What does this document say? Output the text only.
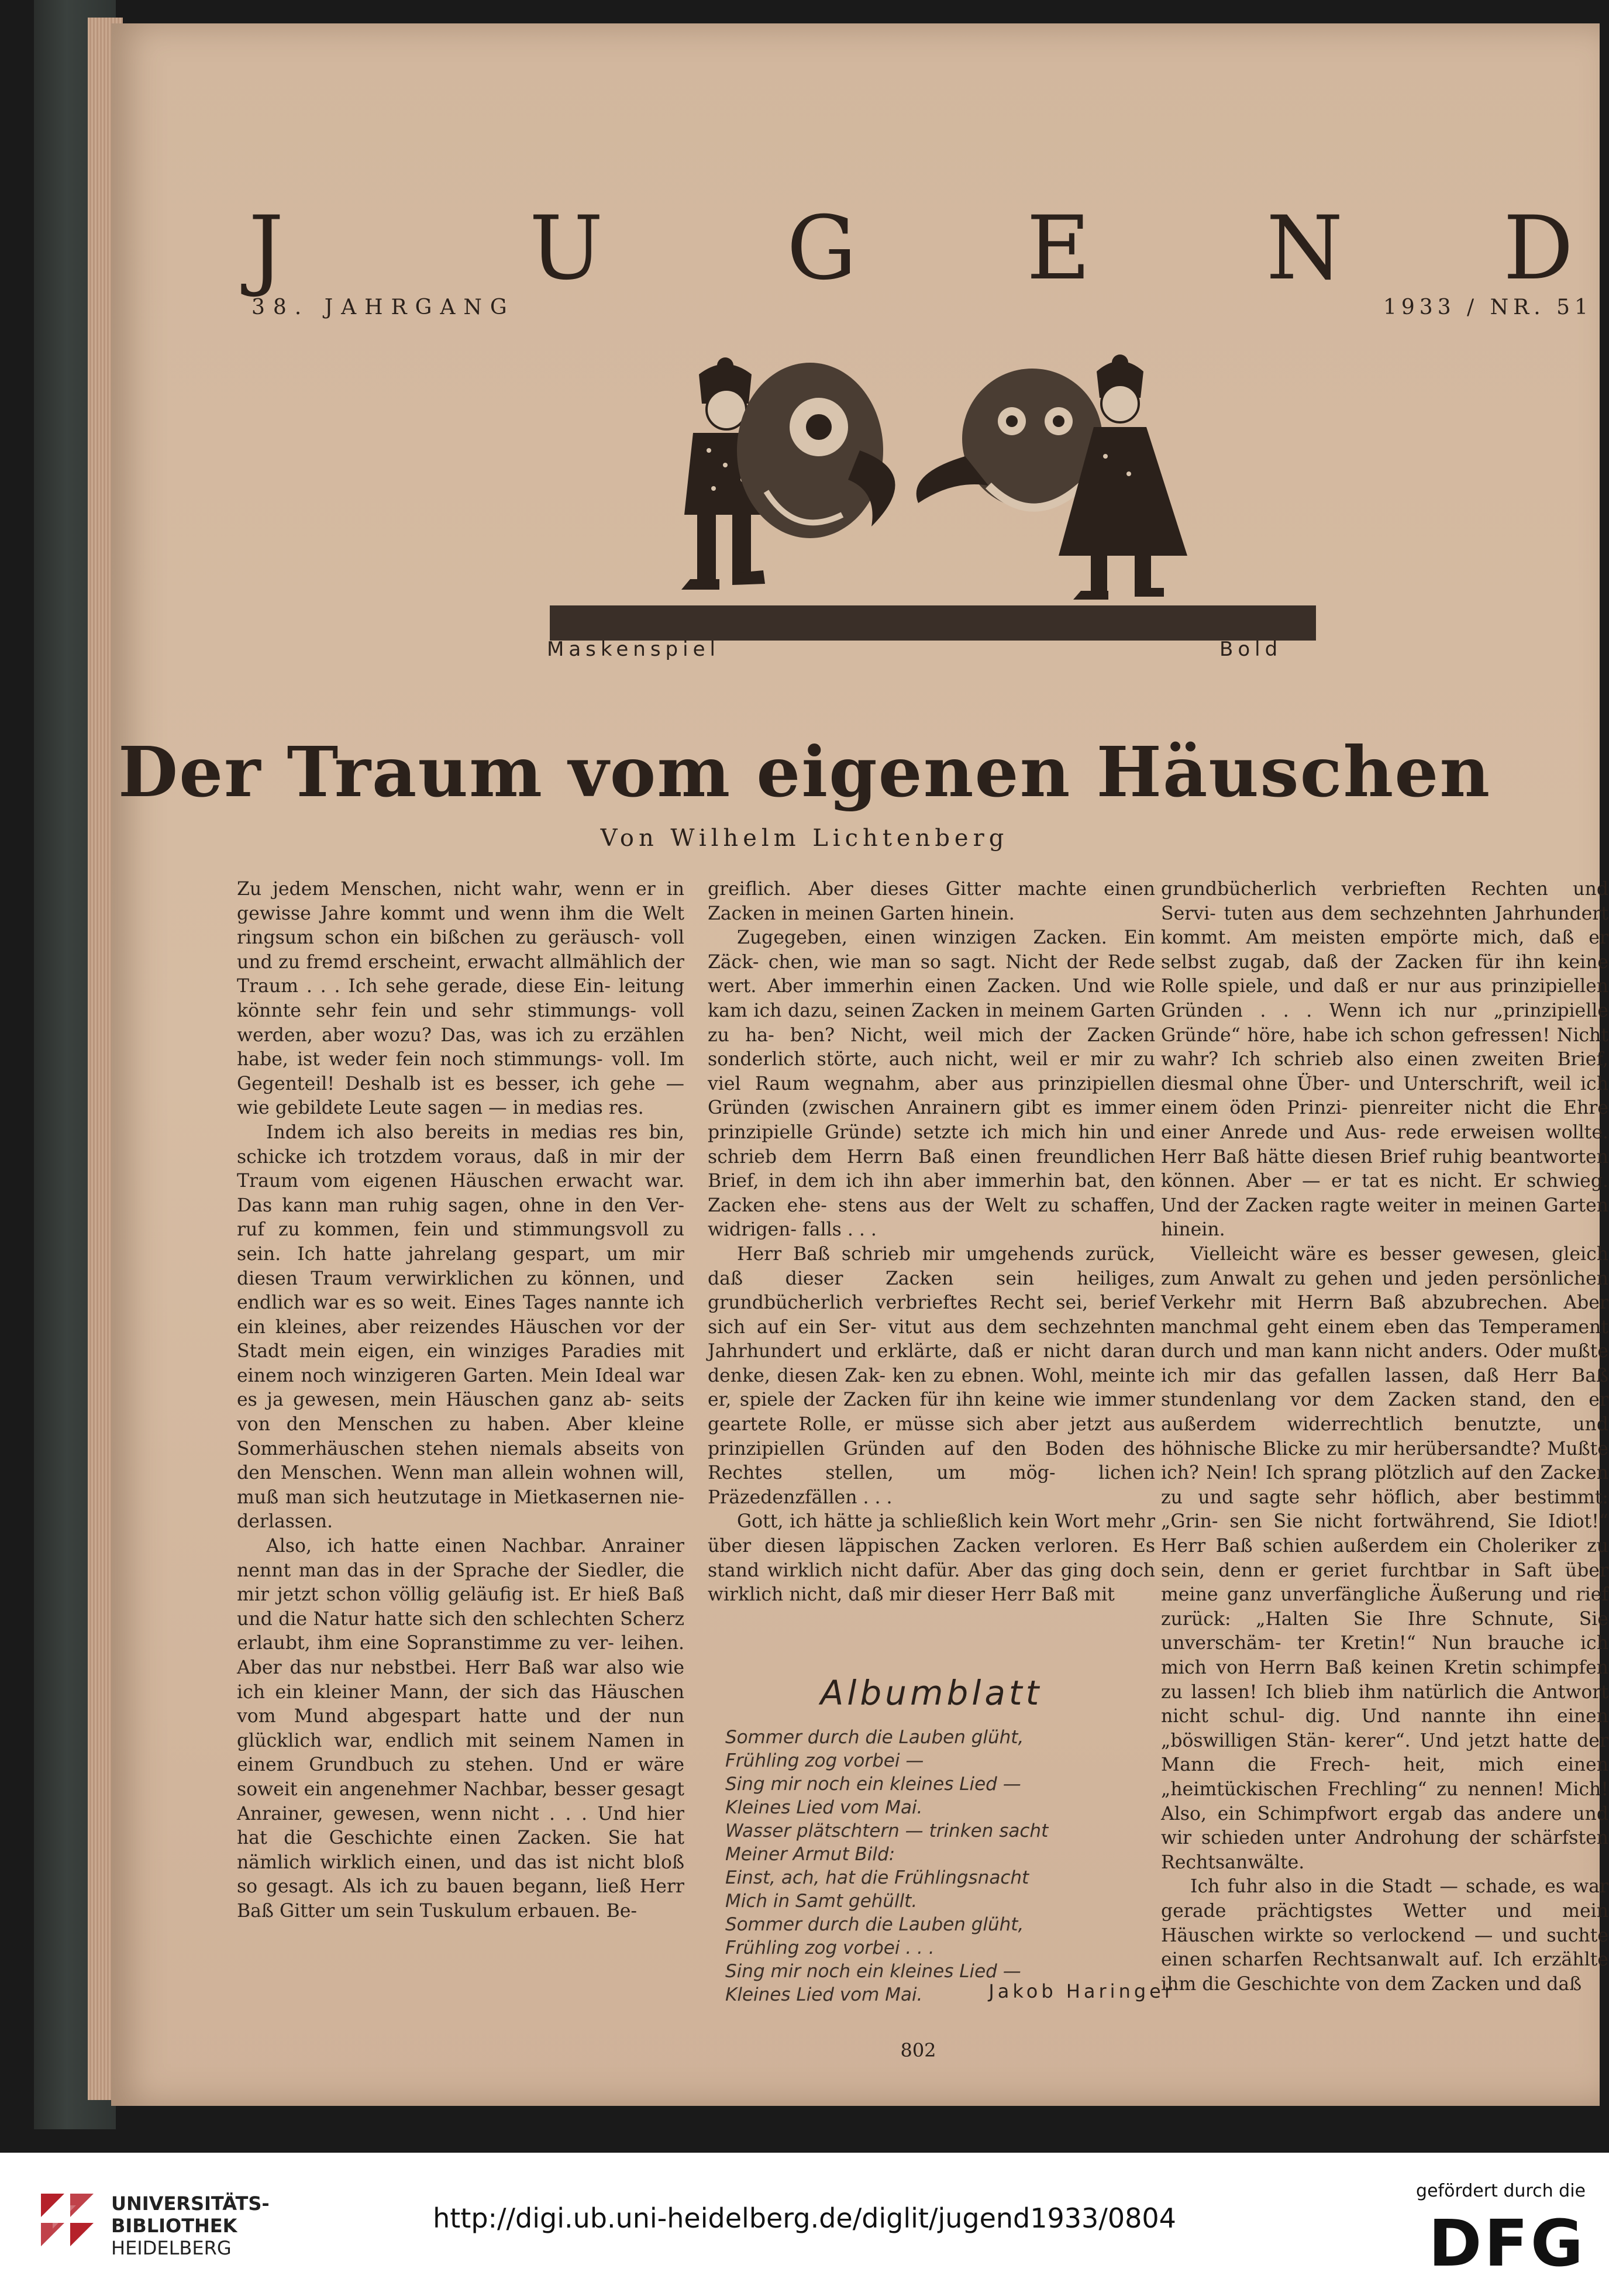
J	U G E N D
38. JAHRGANG	1933 / NR. 51
Maskenspiel	Bold
Der Traum vom eigenen Häuschen
Von Wilhelm Lichtenberg

Zu jedem Menschen, nicht wahr, wenn er in gewisse Jahre kommt und wenn ihm die Welt ringsum schon ein bißchen zu geräusch- voll und zu fremd erscheint, erwacht allmählich der Traum . . . Ich sehe gerade, diese Ein- leitung könnte sehr fein und sehr stimmungs- voll werden, aber wozu? Das, was ich zu erzählen habe, ist weder fein noch stimmungs- voll. Im Gegenteil! Deshalb ist es besser, ich gehe — wie gebildete Leute sagen — in medias res.

Indem ich also bereits in medias res bin, schicke ich trotzdem voraus, daß in mir der Traum vom eigenen Häuschen erwacht war. Das kann man ruhig sagen, ohne in den Ver- ruf zu kommen, fein und stimmungsvoll zu sein. Ich hatte jahrelang gespart, um mir diesen Traum verwirklichen zu können, und endlich war es so weit. Eines Tages nannte ich ein kleines, aber reizendes Häuschen vor der Stadt mein eigen, ein winziges Paradies mit einem noch winzigeren Garten. Mein Ideal war es ja gewesen, mein Häuschen ganz ab- seits von den Menschen zu haben. Aber kleine Sommerhäuschen stehen niemals abseits von den Menschen. Wenn man allein wohnen will, muß man sich heutzutage in Mietkasernen nie- derlassen.

Also, ich hatte einen Nachbar. Anrainer nennt man das in der Sprache der Siedler, die mir jetzt schon völlig geläufig ist. Er hieß Baß und die Natur hatte sich den schlechten Scherz erlaubt, ihm eine Sopranstimme zu ver- leihen. Aber das nur nebstbei. Herr Baß war also wie ich ein kleiner Mann, der sich das Häuschen vom Mund abgespart hatte und der nun glücklich war, endlich mit seinem Namen in einem Grundbuch zu stehen. Und er wäre soweit ein angenehmer Nachbar, besser gesagt Anrainer, gewesen, wenn nicht . . . Und hier hat die Geschichte einen Zacken. Sie hat nämlich wirklich einen, und das ist nicht bloß so gesagt. Als ich zu bauen begann, ließ Herr Baß Gitter um sein Tuskulum erbauen. Be-

greiflich. Aber dieses Gitter machte einen Zacken in meinen Garten hinein.

Zugegeben, einen winzigen Zacken. Ein Zäck- chen, wie man so sagt. Nicht der Rede wert. Aber immerhin einen Zacken. Und wie kam ich dazu, seinen Zacken in meinem Garten zu ha- ben? Nicht, weil mich der Zacken sonderlich störte, auch nicht, weil er mir zu viel Raum wegnahm, aber aus prinzipiellen Gründen (zwischen Anrainern gibt es immer prinzipielle Gründe) setzte ich mich hin und schrieb dem Herrn Baß einen freundlichen Brief, in dem ich ihn aber immerhin bat, den Zacken ehe- stens aus der Welt zu schaffen, widrigen- falls . . .

Herr Baß schrieb mir umgehends zurück, daß dieser Zacken sein heiliges, grundbücherlich verbrieftes Recht sei, berief sich auf ein Ser- vitut aus dem sechzehnten Jahrhundert und erklärte, daß er nicht daran denke, diesen Zak- ken zu ebnen. Wohl, meinte er, spiele der Zacken für ihn keine wie immer geartete Rolle, er müsse sich aber jetzt aus prinzipiellen Gründen auf den Boden des Rechtes stellen, um mög- lichen Präzedenzfällen . . .

Gott, ich hätte ja schließlich kein Wort mehr über diesen läppischen Zacken verloren. Es stand wirklich nicht dafür. Aber das ging doch wirklich nicht, daß mir dieser Herr Baß mit

grundbücherlich verbrieften Rechten und Servi- tuten aus dem sechzehnten Jahrhundert kommt. Am meisten empörte mich, daß er selbst zugab, daß der Zacken für ihn keine Rolle spiele, und daß er nur aus prinzipiellen Gründen . . . Wenn ich nur „prinzipielle Gründe“ höre, habe ich schon gefressen! Nicht wahr? Ich schrieb also einen zweiten Brief, diesmal ohne Über- und Unterschrift, weil ich einem öden Prinzi- pienreiter nicht die Ehre einer Anrede und Aus- rede erweisen wollte. Herr Baß hätte diesen Brief ruhig beantworten können. Aber — er tat es nicht. Er schwieg. Und der Zacken ragte weiter in meinen Garten hinein.

Vielleicht wäre es besser gewesen, gleich zum Anwalt zu gehen und jeden persönlichen Verkehr mit Herrn Baß abzubrechen. Aber manchmal geht einem eben das Temperament durch und man kann nicht anders. Oder mußte ich mir das gefallen lassen, daß Herr Baß stundenlang vor dem Zacken stand, den er außerdem widerrechtlich benutzte, und höhnische Blicke zu mir herübersandte? Mußte ich? Nein! Ich sprang plötzlich auf den Zacken zu und sagte sehr höflich, aber bestimmt: „Grin- sen Sie nicht fortwährend, Sie Idiot!“ Herr Baß schien außerdem ein Choleriker zu sein, denn er geriet furchtbar in Saft über meine ganz unverfängliche Äußerung und rief zurück: „Halten Sie Ihre Schnute, Sie unverschäm- ter Kretin!“ Nun brauche ich mich von Herrn Baß keinen Kretin schimpfen zu lassen! Ich blieb ihm natürlich die Antwort nicht schul- dig. Und nannte ihn einen „böswilligen Stän- kerer“. Und jetzt hatte der Mann die Frech- heit, mich einen „heimtückischen Frechling“ zu nennen! Mich! Also, ein Schimpfwort ergab das andere und wir schieden unter Androhung der schärfsten Rechtsanwälte.

Ich fuhr also in die Stadt — schade, es war gerade prächtigstes Wetter und mein Häuschen wirkte so verlockend — und suchte einen scharfen Rechtsanwalt auf. Ich erzählte ihm die Geschichte von dem Zacken und daß

Albumblatt
Sommer durch die Lauben glüht,
Frühling zog vorbei —
Sing mir noch ein kleines Lied —
Kleines Lied vom Mai.
Wasser plätschtern — trinken sacht
Meiner Armut Bild:
Einst, ach, hat die Frühlingsnacht
Mich in Samt gehüllt.
Sommer durch die Lauben glüht,
Frühling zog vorbei . . .
Sing mir noch ein kleines Lied —
Kleines Lied vom Mai.	Jakob Haringer
802
UNIVERSITÄTS-
BIBLIOTHEK
HEIDELBERG
http://digi.ub.uni-heidelberg.de/diglit/jugend1933/0804
gefördert durch die
DFG
